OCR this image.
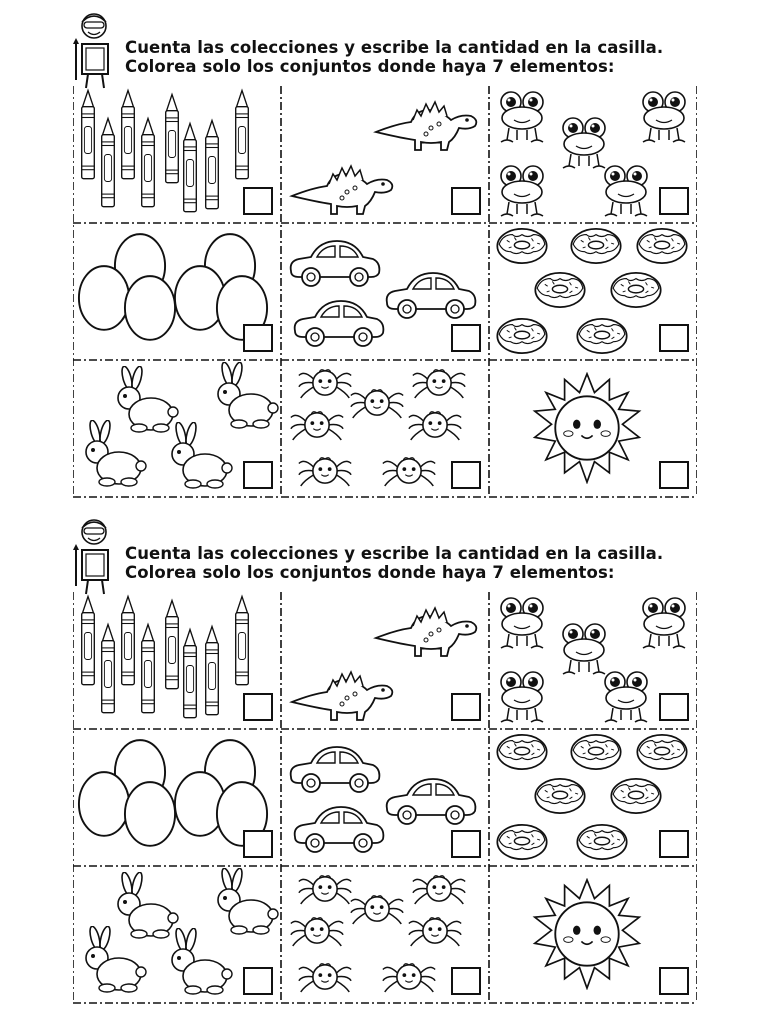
Cuenta las colecciones y escribe la cantidad en la casilla.
Colorea solo los conjuntos donde haya 7 elementos:
Cuenta las colecciones y escribe la cantidad en la casilla.
Colorea solo los conjuntos donde haya 7 elementos:
